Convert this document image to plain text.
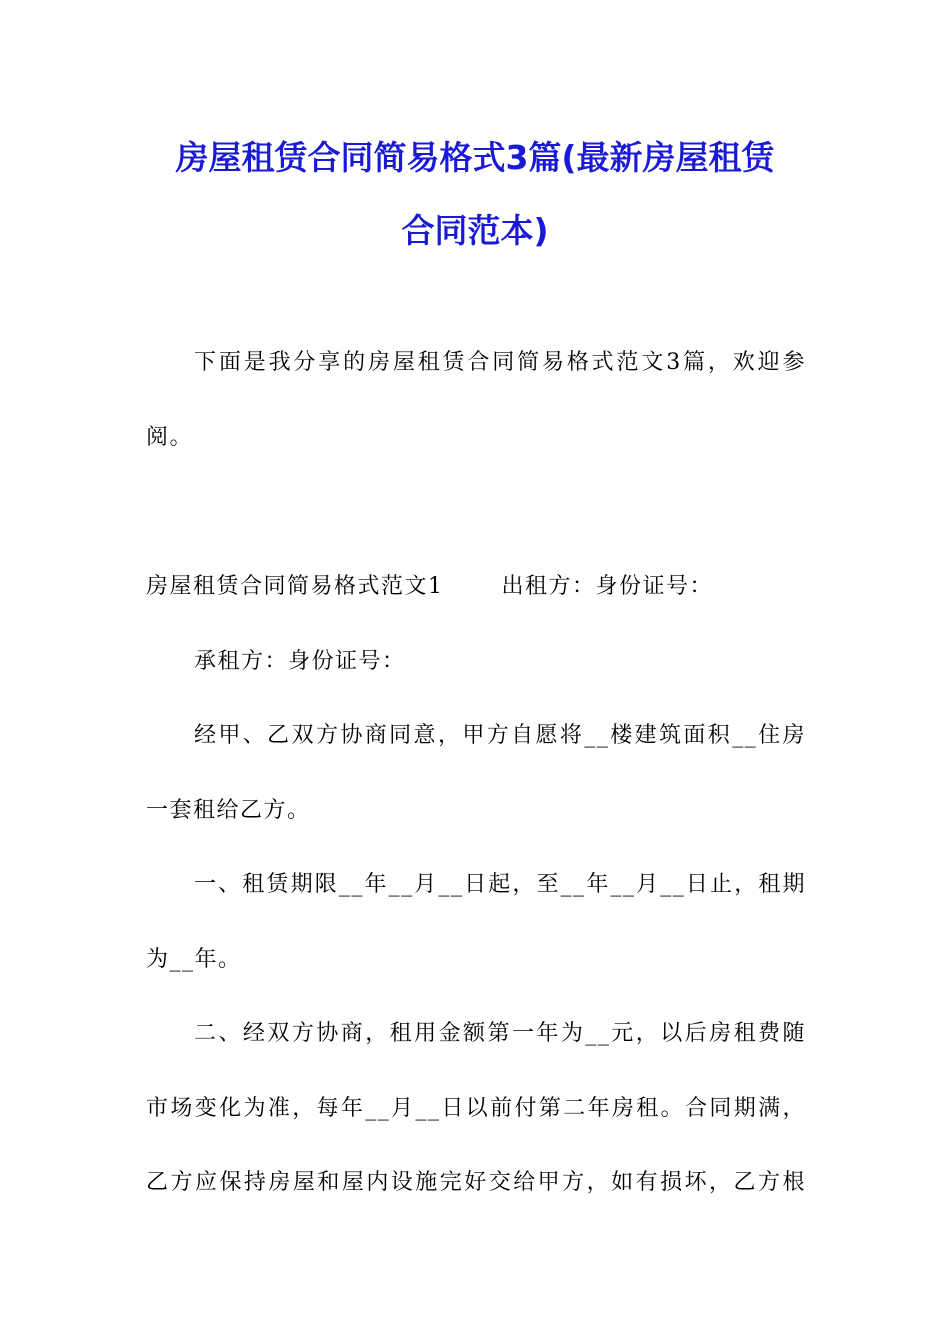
房屋租赁合同简易格式3篇(最新房屋租赁
合同范本)

下面是我分享的房屋租赁合同简易格式范文3篇，欢迎参

阅。

房屋租赁合同简易格式范文1	出租方：身份证号：

承租方：身份证号：

经甲、乙双方协商同意，甲方自愿将__楼建筑面积__住房

一套租给乙方。

一、租赁期限__年__月__日起，至__年__月__日止，租期

为__年。

二、经双方协商，租用金额第一年为__元，以后房租费随

市场变化为准，每年__月__日以前付第二年房租。合同期满，

乙方应保持房屋和屋内设施完好交给甲方，如有损坏，乙方根
